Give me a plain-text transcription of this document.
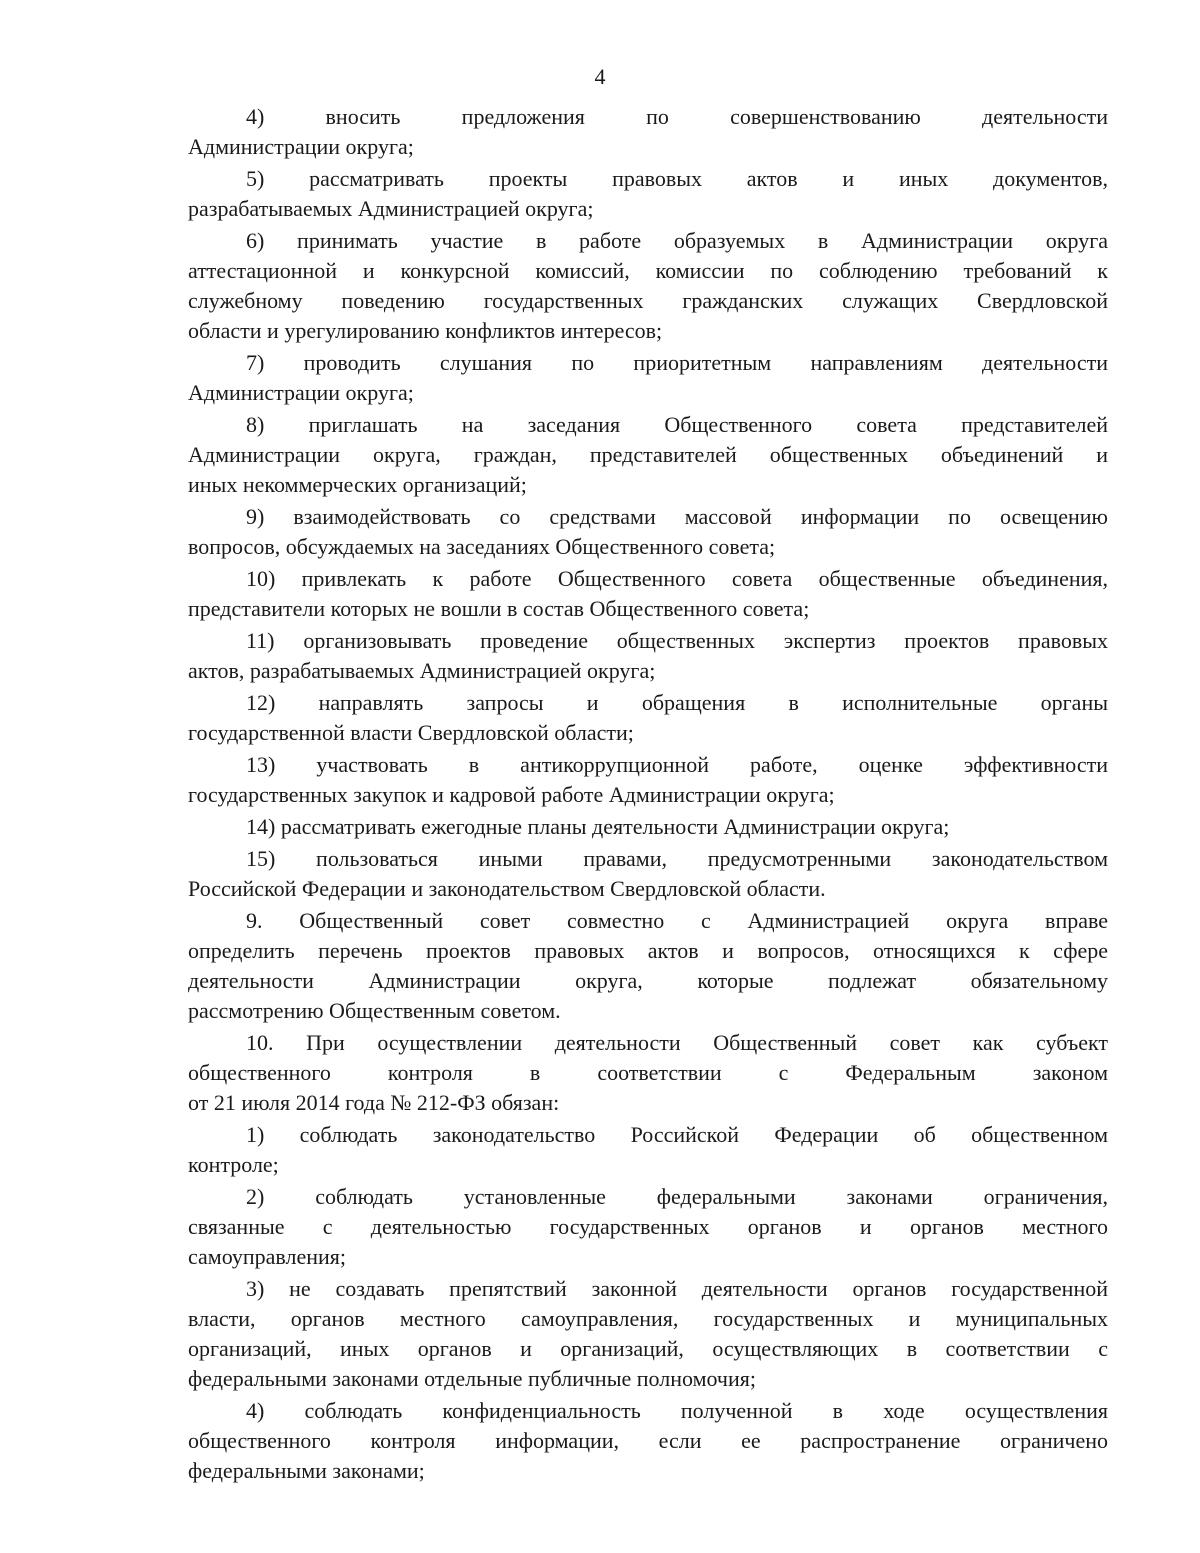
4
4) вносить предложения по совершенствованию деятельности
Администрации округа;
5) рассматривать проекты правовых актов и иных документов,
разрабатываемых Администрацией округа;
6) принимать участие в работе образуемых в Администрации округа
аттестационной и конкурсной комиссий, комиссии по соблюдению требований к
служебному поведению государственных гражданских служащих Свердловской
области и урегулированию конфликтов интересов;
7) проводить слушания по приоритетным направлениям деятельности
Администрации округа;
8) приглашать на заседания Общественного совета представителей
Администрации округа, граждан, представителей общественных объединений и
иных некоммерческих организаций;
9) взаимодействовать со средствами массовой информации по освещению
вопросов, обсуждаемых на заседаниях Общественного совета;
10) привлекать к работе Общественного совета общественные объединения,
представители которых не вошли в состав Общественного совета;
11) организовывать проведение общественных экспертиз проектов правовых
актов, разрабатываемых Администрацией округа;
12) направлять запросы и обращения в исполнительные органы
государственной власти Свердловской области;
13) участвовать в антикоррупционной работе, оценке эффективности
государственных закупок и кадровой работе Администрации округа;
14) рассматривать ежегодные планы деятельности Администрации округа;
15) пользоваться иными правами, предусмотренными законодательством
Российской Федерации и законодательством Свердловской области.
9. Общественный совет совместно с Администрацией округа вправе
определить перечень проектов правовых актов и вопросов, относящихся к сфере
деятельности Администрации округа, которые подлежат обязательному
рассмотрению Общественным советом.
10. При осуществлении деятельности Общественный совет как субъект
общественного контроля в соответствии с Федеральным законом
от 21 июля 2014 года № 212-ФЗ обязан:
1) соблюдать законодательство Российской Федерации об общественном
контроле;
2) соблюдать установленные федеральными законами ограничения,
связанные с деятельностью государственных органов и органов местного
самоуправления;
3) не создавать препятствий законной деятельности органов государственной
власти, органов местного самоуправления, государственных и муниципальных
организаций, иных органов и организаций, осуществляющих в соответствии с
федеральными законами отдельные публичные полномочия;
4) соблюдать конфиденциальность полученной в ходе осуществления
общественного контроля информации, если ее распространение ограничено
федеральными законами;
